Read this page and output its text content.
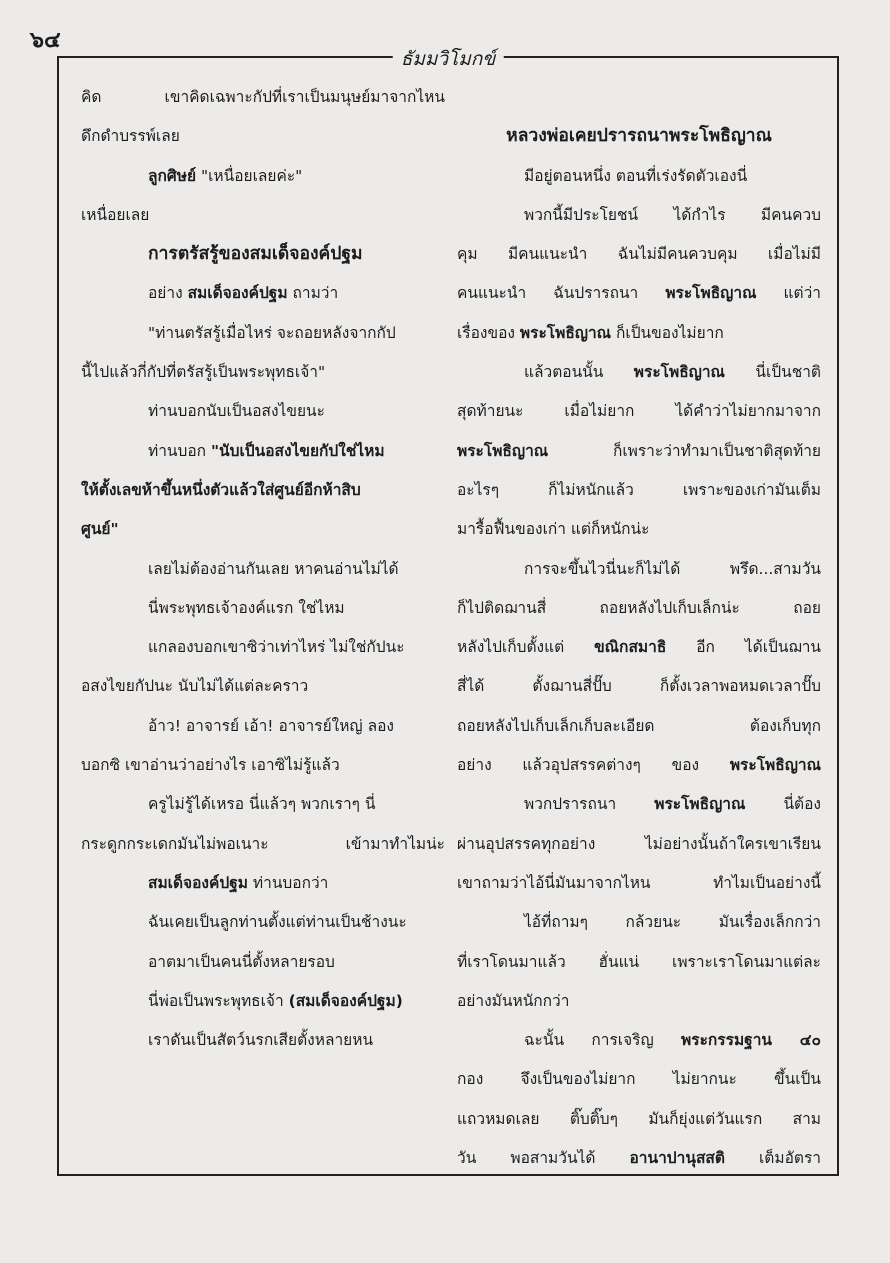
๖๔
ธัมมวิโมกข์
คิด เขาคิดเฉพาะกัปที่เราเป็นมนุษย์มาจากไหน
ดึกดำบรรพ์เลย
ลูกศิษย์ "เหนื่อยเลยค่ะ"
เหนื่อยเลย
การตรัสรู้ของสมเด็จองค์ปฐม
อย่าง สมเด็จองค์ปฐม ถามว่า
"ท่านตรัสรู้เมื่อไหร่ จะถอยหลังจากกัป
นี้ไปแล้วกี่กัปที่ตรัสรู้เป็นพระพุทธเจ้า"
ท่านบอกนับเป็นอสงไขยนะ
ท่านบอก "นับเป็นอสงไขยกัปใช่ไหม
ให้ตั้งเลขห้าขึ้นหนึ่งตัวแล้วใส่ศูนย์อีกห้าสิบ
ศูนย์"
เลยไม่ต้องอ่านกันเลย หาคนอ่านไม่ได้
นี่พระพุทธเจ้าองค์แรก ใช่ไหม
แกลองบอกเขาซิว่าเท่าไหร่ ไม่ใช่กัปนะ
อสงไขยกัปนะ นับไม่ได้แต่ละคราว
อ้าว! อาจารย์ เอ้า! อาจารย์ใหญ่ ลอง
บอกซิ เขาอ่านว่าอย่างไร เอาซิไม่รู้แล้ว
ครูไม่รู้ได้เหรอ นี่แล้วๆ พวกเราๆ นี่
กระดูกกระเดกมันไม่พอเนาะ เข้ามาทำไมน่ะ
สมเด็จองค์ปฐม ท่านบอกว่า
ฉันเคยเป็นลูกท่านตั้งแต่ท่านเป็นช้างนะ
อาตมาเป็นคนนี่ตั้งหลายรอบ
นี่พ่อเป็นพระพุทธเจ้า (สมเด็จองค์ปฐม)
เราดันเป็นสัตว์นรกเสียตั้งหลายหน
หลวงพ่อเคยปรารถนาพระโพธิญาณ
มีอยู่ตอนหนึ่ง ตอนที่เร่งรัดตัวเองนี่
พวกนี้มีประโยชน์ ได้กำไร มีคนควบ
คุม มีคนแนะนำ ฉันไม่มีคนควบคุม เมื่อไม่มี
คนแนะนำ ฉันปรารถนา พระโพธิญาณ แต่ว่า
เรื่องของ พระโพธิญาณ ก็เป็นของไม่ยาก
แล้วตอนนั้น พระโพธิญาณ นี่เป็นชาติ
สุดท้ายนะ เมื่อไม่ยาก ได้คำว่าไม่ยากมาจาก
พระโพธิญาณ ก็เพราะว่าทำมาเป็นชาติสุดท้าย
อะไรๆ ก็ไม่หนักแล้ว เพราะของเก่ามันเต็ม
มารื้อฟื้นของเก่า แต่ก็หนักน่ะ
การจะขึ้นไวนี่นะก็ไม่ได้ พรึด...สามวัน
ก็ไปติดฌานสี่ ถอยหลังไปเก็บเล็กน่ะ ถอย
หลังไปเก็บตั้งแต่ ขณิกสมาธิ อีก ได้เป็นฌาน
สี่ได้ ตั้งฌานสี่ปั๊บ ก็ตั้งเวลาพอหมดเวลาปั๊บ
ถอยหลังไปเก็บเล็กเก็บละเอียด ต้องเก็บทุก
อย่าง แล้วอุปสรรคต่างๆ ของ พระโพธิญาณ
พวกปรารถนา พระโพธิญาณ นี่ต้อง
ผ่านอุปสรรคทุกอย่าง ไม่อย่างนั้นถ้าใครเขาเรียน
เขาถามว่าไอ้นี่มันมาจากไหน ทำไมเป็นอย่างนี้
ไอ้ที่ถามๆ กล้วยนะ มันเรื่องเล็กกว่า
ที่เราโดนมาแล้ว ฮั่นแน่ เพราะเราโดนมาแต่ละ
อย่างมันหนักกว่า
ฉะนั้น การเจริญ พระกรรมฐาน ๔๐
กอง จึงเป็นของไม่ยาก ไม่ยากนะ ขึ้นเป็น
แถวหมดเลย ติ๊บติ๊บๆ มันก็ยุ่งแต่วันแรก สาม
วัน พอสามวันได้ อานาปานุสสติ เต็มอัตรา
